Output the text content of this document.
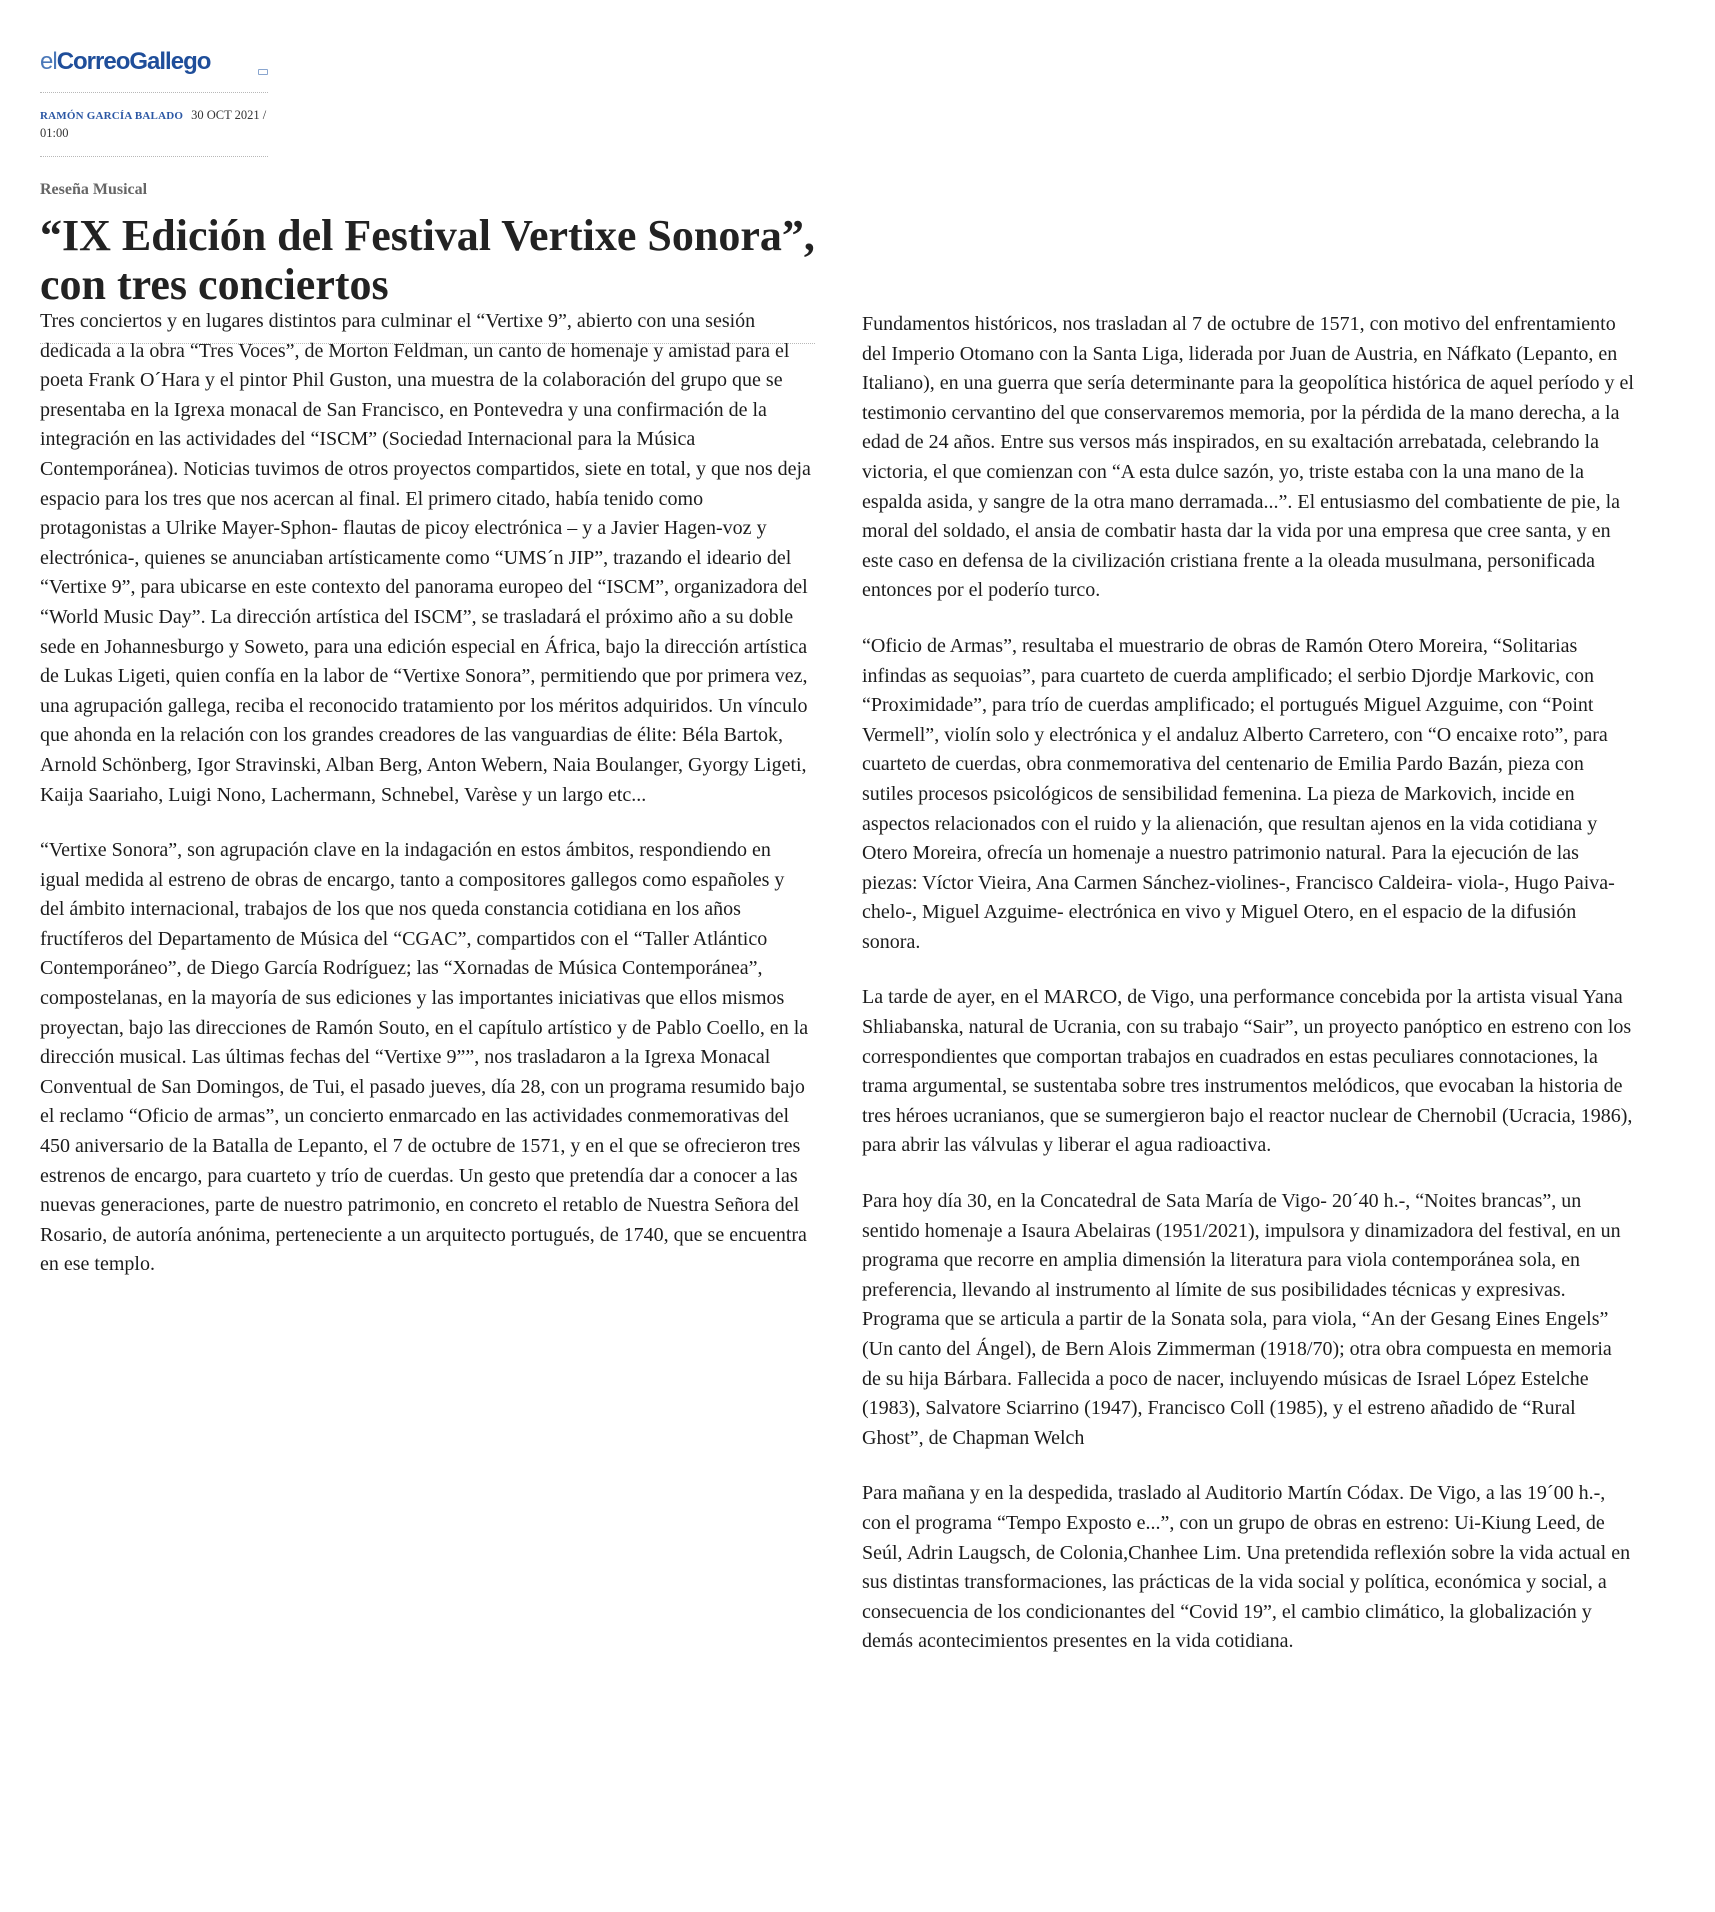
elCorreoGallego
RAMÓN GARCÍA BALADO 30 OCT 2021 / 01:00
Reseña Musical
“IX Edición del Festival Vertixe Sonora”, con tres conciertos

Tres conciertos y en lugares distintos para culminar el “Vertixe 9”, abierto con una sesión dedicada a la obra “Tres Voces”, de Morton Feldman, un canto de homenaje y amistad para el poeta Frank O´Hara y el pintor Phil Guston, una muestra de la colaboración del grupo que se presentaba en la Igrexa monacal de San Francisco, en Pontevedra y una confirmación de la integración en las actividades del “ISCM” (Sociedad Internacional para la Música Contemporánea). Noticias tuvimos de otros proyectos compartidos, siete en total, y que nos deja espacio para los tres que nos acercan al final. El primero citado, había tenido como protagonistas a Ulrike Mayer-Sphon- flautas de picoy electrónica – y a Javier Hagen-voz y electrónica-, quienes se anunciaban artísticamente como “UMS´n JIP”, trazando el ideario del “Vertixe 9”, para ubicarse en este contexto del panorama europeo del “ISCM”, organizadora del “World Music Day”. La dirección artística del ISCM”, se trasladará el próximo año a su doble sede en Johannesburgo y Soweto, para una edición especial en África, bajo la dirección artística de Lukas Ligeti, quien confía en la labor de “Vertixe Sonora”, permitiendo que por primera vez, una agrupación gallega, reciba el reconocido tratamiento por los méritos adquiridos. Un vínculo que ahonda en la relación con los grandes creadores de las vanguardias de élite: Béla Bartok, Arnold Schönberg, Igor Stravinski, Alban Berg, Anton Webern, Naia Boulanger, Gyorgy Ligeti, Kaija Saariaho, Luigi Nono, Lachermann, Schnebel, Varèse y un largo etc...

“Vertixe Sonora”, son agrupación clave en la indagación en estos ámbitos, respondiendo en igual medida al estreno de obras de encargo, tanto a compositores gallegos como españoles y del ámbito internacional, trabajos de los que nos queda constancia cotidiana en los años fructíferos del Departamento de Música del “CGAC”, compartidos con el “Taller Atlántico Contemporáneo”, de Diego García Rodríguez; las “Xornadas de Música Contemporánea”, compostelanas, en la mayoría de sus ediciones y las importantes iniciativas que ellos mismos proyectan, bajo las direcciones de Ramón Souto, en el capítulo artístico y de Pablo Coello, en la dirección musical. Las últimas fechas del “Vertixe 9””, nos trasladaron a la Igrexa Monacal Conventual de San Domingos, de Tui, el pasado jueves, día 28, con un programa resumido bajo el reclamo “Oficio de armas”, un concierto enmarcado en las actividades conmemorativas del 450 aniversario de la Batalla de Lepanto, el 7 de octubre de 1571, y en el que se ofrecieron tres estrenos de encargo, para cuarteto y trío de cuerdas. Un gesto que pretendía dar a conocer a las nuevas generaciones, parte de nuestro patrimonio, en concreto el retablo de Nuestra Señora del Rosario, de autoría anónima, perteneciente a un arquitecto portugués, de 1740, que se encuentra en ese templo.

Fundamentos históricos, nos trasladan al 7 de octubre de 1571, con motivo del enfrentamiento del Imperio Otomano con la Santa Liga, liderada por Juan de Austria, en Náfkato (Lepanto, en Italiano), en una guerra que sería determinante para la geopolítica histórica de aquel período y el testimonio cervantino del que conservaremos memoria, por la pérdida de la mano derecha, a la edad de 24 años. Entre sus versos más inspirados, en su exaltación arrebatada, celebrando la victoria, el que comienzan con “A esta dulce sazón, yo, triste estaba con la una mano de la espalda asida, y sangre de la otra mano derramada...”. El entusiasmo del combatiente de pie, la moral del soldado, el ansia de combatir hasta dar la vida por una empresa que cree santa, y en este caso en defensa de la civilización cristiana frente a la oleada musulmana, personificada entonces por el poderío turco.

“Oficio de Armas”, resultaba el muestrario de obras de Ramón Otero Moreira, “Solitarias infindas as sequoias”, para cuarteto de cuerda amplificado; el serbio Djordje Markovic, con “Proximidade”, para trío de cuerdas amplificado; el portugués Miguel Azguime, con “Point Vermell”, violín solo y electrónica y el andaluz Alberto Carretero, con “O encaixe roto”, para cuarteto de cuerdas, obra conmemorativa del centenario de Emilia Pardo Bazán, pieza con sutiles procesos psicológicos de sensibilidad femenina. La pieza de Markovich, incide en aspectos relacionados con el ruido y la alienación, que resultan ajenos en la vida cotidiana y Otero Moreira, ofrecía un homenaje a nuestro patrimonio natural. Para la ejecución de las piezas: Víctor Vieira, Ana Carmen Sánchez-violines-, Francisco Caldeira- viola-, Hugo Paiva- chelo-, Miguel Azguime- electrónica en vivo y Miguel Otero, en el espacio de la difusión sonora.

La tarde de ayer, en el MARCO, de Vigo, una performance concebida por la artista visual Yana Shliabanska, natural de Ucrania, con su trabajo “Sair”, un proyecto panóptico en estreno con los correspondientes que comportan trabajos en cuadrados en estas peculiares connotaciones, la trama argumental, se sustentaba sobre tres instrumentos melódicos, que evocaban la historia de tres héroes ucranianos, que se sumergieron bajo el reactor nuclear de Chernobil (Ucracia, 1986), para abrir las válvulas y liberar el agua radioactiva.

Para hoy día 30, en la Concatedral de Sata María de Vigo- 20´40 h.-, “Noites brancas”, un sentido homenaje a Isaura Abelairas (1951/2021), impulsora y dinamizadora del festival, en un programa que recorre en amplia dimensión la literatura para viola contemporánea sola, en preferencia, llevando al instrumento al límite de sus posibilidades técnicas y expresivas. Programa que se articula a partir de la Sonata sola, para viola, “An der Gesang Eines Engels” (Un canto del Ángel), de Bern Alois Zimmerman (1918/70); otra obra compuesta en memoria de su hija Bárbara. Fallecida a poco de nacer, incluyendo músicas de Israel López Estelche (1983), Salvatore Sciarrino (1947), Francisco Coll (1985), y el estreno añadido de “Rural Ghost”, de Chapman Welch

Para mañana y en la despedida, traslado al Auditorio Martín Códax. De Vigo, a las 19´00 h.-, con el programa “Tempo Exposto e...”, con un grupo de obras en estreno: Ui-Kiung Leed, de Seúl, Adrin Laugsch, de Colonia,Chanhee Lim. Una pretendida reflexión sobre la vida actual en sus distintas transformaciones, las prácticas de la vida social y política, económica y social, a consecuencia de los condicionantes del “Covid 19”, el cambio climático, la globalización y demás acontecimientos presentes en la vida cotidiana.
